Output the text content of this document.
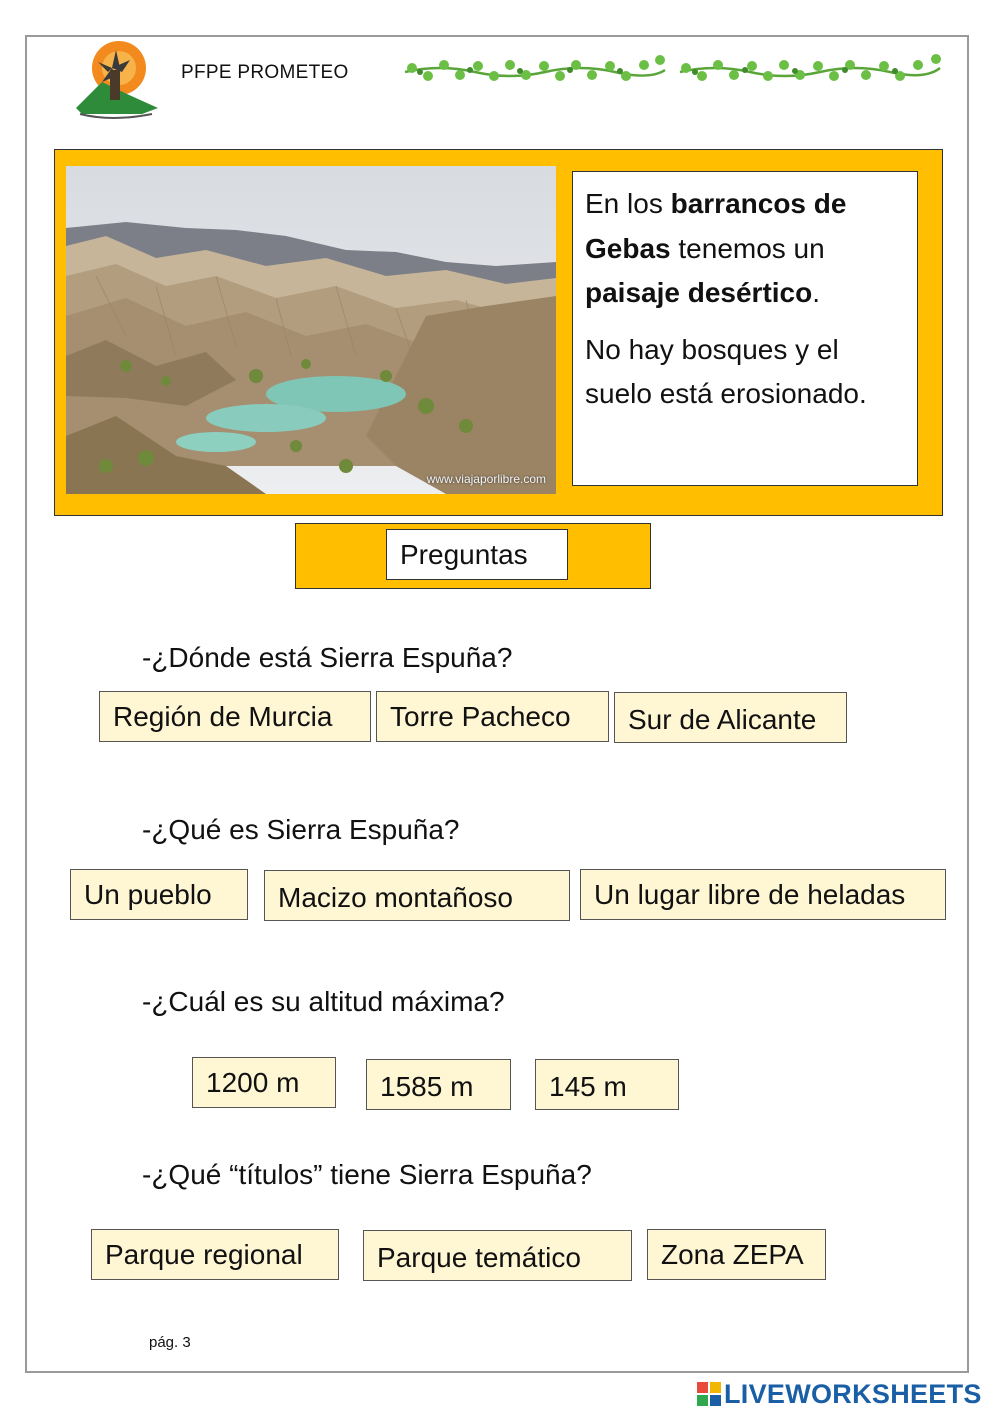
PFPE PROMETEO
www.viajaporlibre.com

En los barrancos de Gebas tenemos un paisaje desértico.

No hay bosques y el suelo está erosionado.

Preguntas
-¿Dónde está Sierra Espuña?
Región de Murcia	Torre Pacheco	Sur de Alicante
-¿Qué es Sierra Espuña?
Un pueblo	Macizo montañoso	Un lugar libre de heladas
-¿Cuál es su altitud máxima?
1200 m	1585 m	145 m
-¿Qué “títulos” tiene Sierra Espuña?
Parque regional	Parque temático	Zona ZEPA
pág. 3
LIVEWORKSHEETS
